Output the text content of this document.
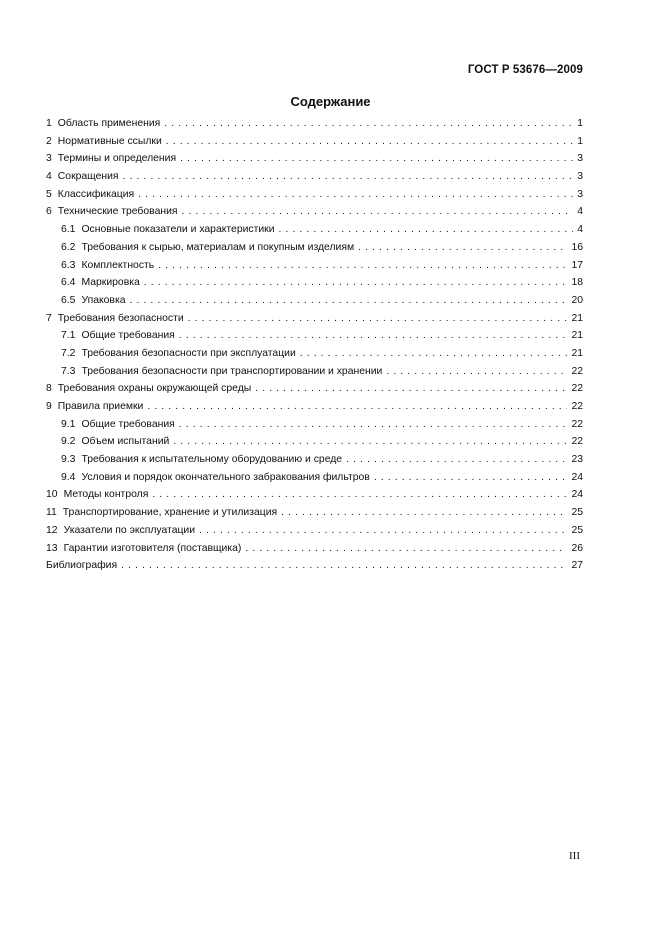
ГОСТ Р 53676—2009
Содержание
1 Область применения . . .	1
2 Нормативные ссылки . . .	1
3 Термины и определения . . .	3
4 Сокращения . . .	3
5 Классификация . . .	3
6 Технические требования . . .	4
6.1 Основные показатели и характеристики . . .	4
6.2 Требования к сырью, материалам и покупным изделиям . . .	16
6.3 Комплектность . . .	17
6.4 Маркировка . . .	18
6.5 Упаковка . . .	20
7 Требования безопасности . . .	21
7.1 Общие требования . . .	21
7.2 Требования безопасности при эксплуатации . . .	21
7.3 Требования безопасности при транспортировании и хранении . . .	22
8 Требования охраны окружающей среды . . .	22
9 Правила приемки . . .	22
9.1 Общие требования . . .	22
9.2 Объем испытаний . . .	22
9.3 Требования к испытательному оборудованию и среде . . .	23
9.4 Условия и порядок окончательного забракования фильтров . . .	24
10 Методы контроля . . .	24
11 Транспортирование, хранение и утилизация . . .	25
12 Указатели по эксплуатации . . .	25
13 Гарантии изготовителя (поставщика) . . .	26
Библиография . . .	27
III
